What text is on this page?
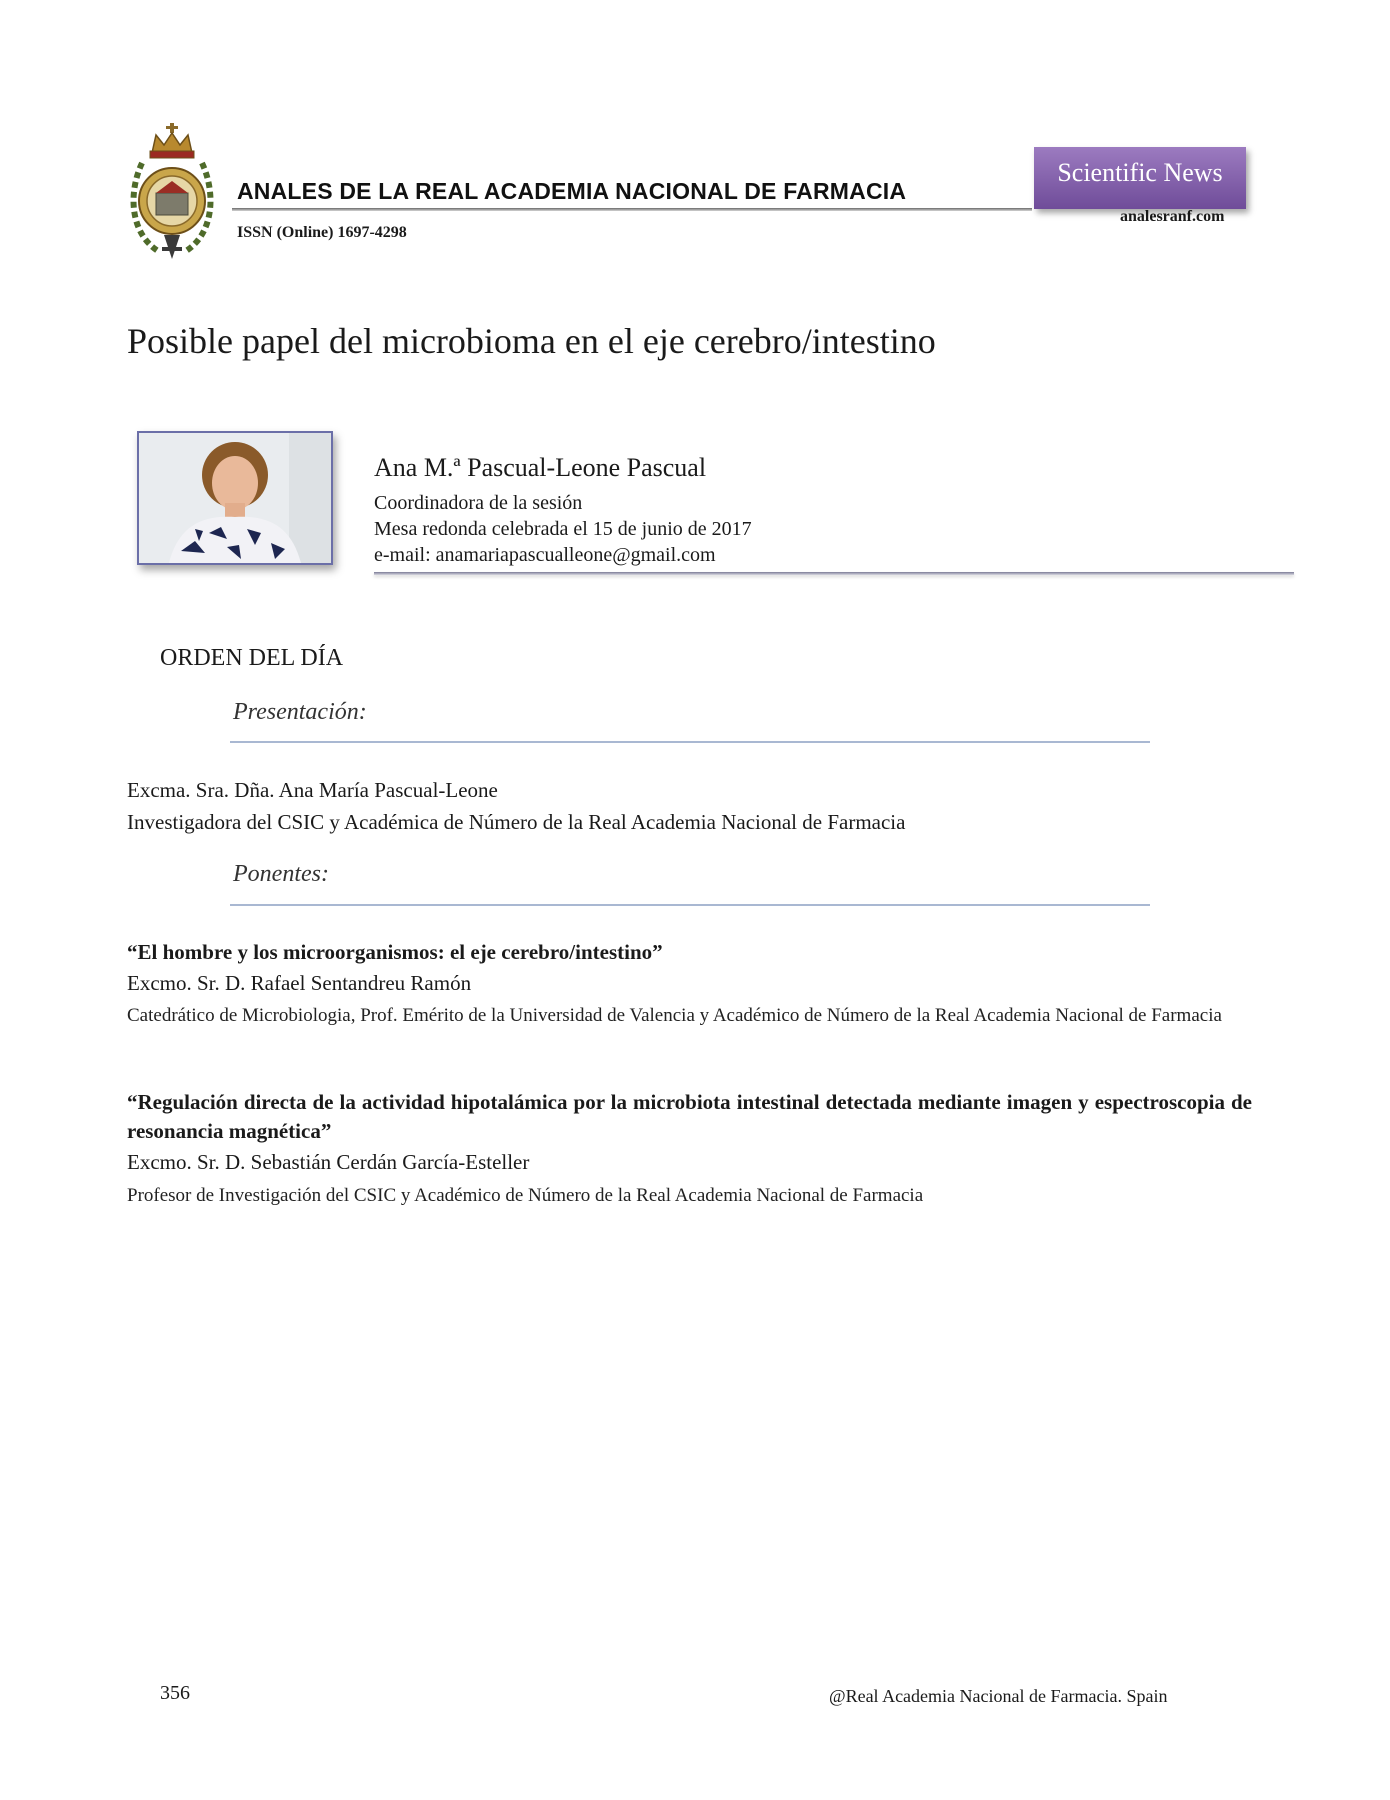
ANALES DE LA REAL ACADEMIA NACIONAL DE FARMACIA
ISSN (Online) 1697-4298
Scientific News
analesranf.com
Posible papel del microbioma en el eje cerebro/intestino
Ana M.ª Pascual-Leone Pascual
Coordinadora de la sesión
Mesa redonda celebrada el 15 de junio de 2017
e-mail: anamariapascualleone@gmail.com
ORDEN DEL DÍA
Presentación:
Excma. Sra. Dña. Ana María Pascual-Leone
Investigadora del CSIC y Académica de Número de la Real Academia Nacional de Farmacia
Ponentes:
“El hombre y los microorganismos: el eje cerebro/intestino”
Excmo. Sr. D. Rafael Sentandreu Ramón
Catedrático de Microbiologia, Prof. Emérito de la Universidad de Valencia y Académico de Número de la Real Academia Nacional de Farmacia
“Regulación directa de la actividad hipotalámica por la microbiota intestinal detectada mediante imagen y espectroscopia de resonancia magnética”
Excmo. Sr. D. Sebastián Cerdán García-Esteller
Profesor de Investigación del CSIC y Académico de Número de la Real Academia Nacional de Farmacia
356	@Real Academia Nacional de Farmacia. Spain
